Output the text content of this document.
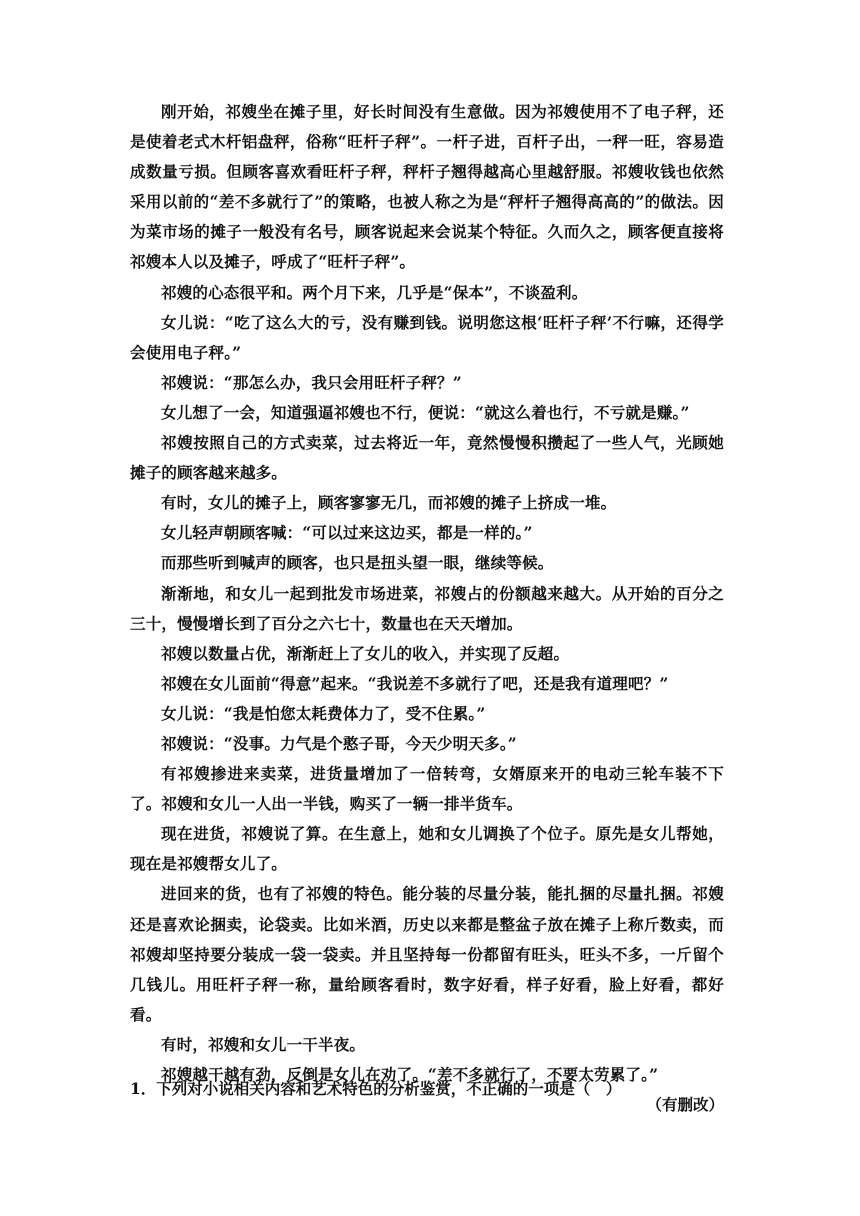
刚开始，祁嫂坐在摊子里，好长时间没有生意做。因为祁嫂使用不了电子秤，还是使着老式木杆铝盘秤，俗称“旺杆子秤”。一杆子进，百杆子出，一秤一旺，容易造成数量亏损。但顾客喜欢看旺杆子秤，秤杆子翘得越高心里越舒服。祁嫂收钱也依然采用以前的“差不多就行了”的策略，也被人称之为是“秤杆子翘得高高的”的做法。因为菜市场的摊子一般没有名号，顾客说起来会说某个特征。久而久之，顾客便直接将祁嫂本人以及摊子，呼成了“旺杆子秤”。

祁嫂的心态很平和。两个月下来，几乎是“保本”，不谈盈利。

女儿说：“吃了这么大的亏，没有赚到钱。说明您这根‘旺杆子秤’不行嘛，还得学会使用电子秤。”

祁嫂说：“那怎么办，我只会用旺杆子秤？”

女儿想了一会，知道强逼祁嫂也不行，便说：“就这么着也行，不亏就是赚。”

祁嫂按照自己的方式卖菜，过去将近一年，竟然慢慢积攒起了一些人气，光顾她摊子的顾客越来越多。

有时，女儿的摊子上，顾客寥寥无几，而祁嫂的摊子上挤成一堆。

女儿轻声朝顾客喊：“可以过来这边买，都是一样的。”

而那些听到喊声的顾客，也只是扭头望一眼，继续等候。

渐渐地，和女儿一起到批发市场进菜，祁嫂占的份额越来越大。从开始的百分之三十，慢慢增长到了百分之六七十，数量也在天天增加。

祁嫂以数量占优，渐渐赶上了女儿的收入，并实现了反超。

祁嫂在女儿面前“得意”起来。“我说差不多就行了吧，还是我有道理吧？”

女儿说：“我是怕您太耗费体力了，受不住累。”

祁嫂说：“没事。力气是个憨子哥，今天少明天多。”

有祁嫂掺进来卖菜，进货量增加了一倍转弯，女婿原来开的电动三轮车装不下了。祁嫂和女儿一人出一半钱，购买了一辆一排半货车。

现在进货，祁嫂说了算。在生意上，她和女儿调换了个位子。原先是女儿帮她，现在是祁嫂帮女儿了。

进回来的货，也有了祁嫂的特色。能分装的尽量分装，能扎捆的尽量扎捆。祁嫂还是喜欢论捆卖，论袋卖。比如米酒，历史以来都是整盆子放在摊子上称斤数卖，而祁嫂却坚持要分装成一袋一袋卖。并且坚持每一份都留有旺头，旺头不多，一斤留个几钱儿。用旺杆子秤一称，量给顾客看时，数字好看，样子好看，脸上好看，都好看。

有时，祁嫂和女儿一干半夜。

祁嫂越干越有劲，反倒是女儿在劝了。“差不多就行了，不要太劳累了。”

（有删改）

1．下列对小说相关内容和艺术特色的分析鉴赏，不正确的一项是（　）
